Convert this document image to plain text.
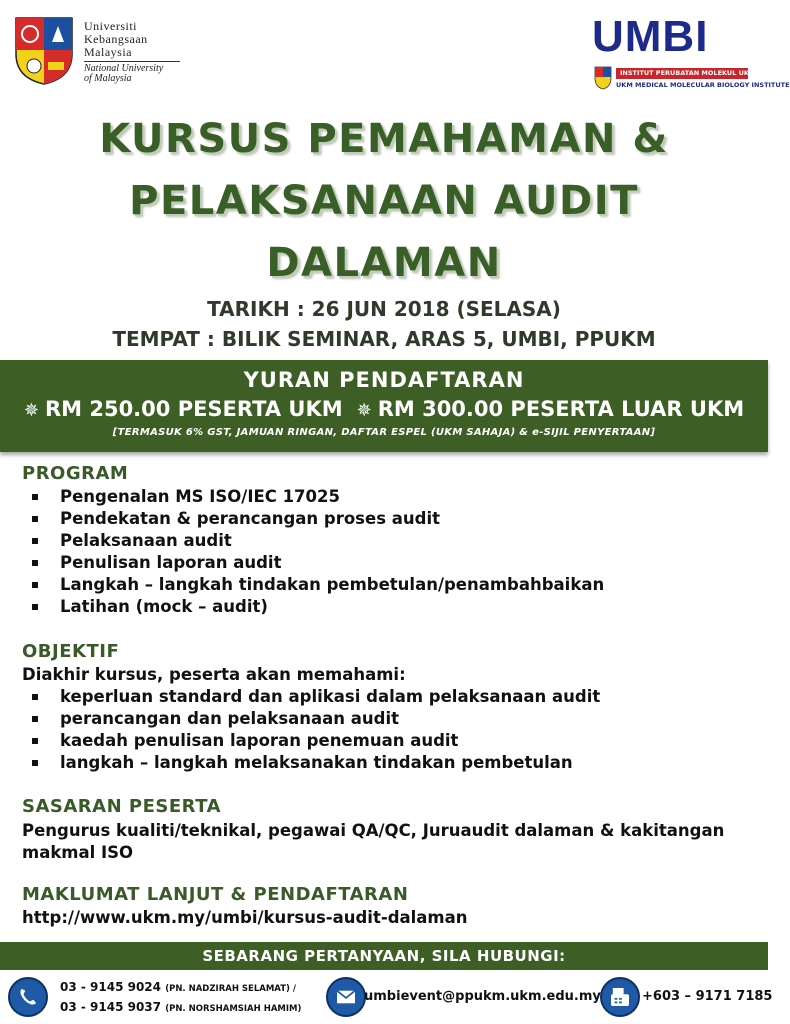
Universiti
Kebangsaan
Malaysia
National University
of Malaysia
UMBI
INSTITUT PERUBATAN MOLEKUL UKM
UKM MEDICAL MOLECULAR BIOLOGY INSTITUTE
KURSUS PEMAHAMAN &
PELAKSANAAN AUDIT
DALAMAN
TARIKH : 26 JUN 2018 (SELASA)
TEMPAT : BILIK SEMINAR, ARAS 5, UMBI, PPUKM
YURAN PENDAFTARAN
✵ RM 250.00 PESERTA UKM ✵ RM 300.00 PESERTA LUAR UKM
[TERMASUK 6% GST, JAMUAN RINGAN, DAFTAR ESPEL (UKM SAHAJA) & e-SIJIL PENYERTAAN]
PROGRAM
Pengenalan MS ISO/IEC 17025
Pendekatan & perancangan proses audit
Pelaksanaan audit
Penulisan laporan audit
Langkah – langkah tindakan pembetulan/penambahbaikan
Latihan (mock – audit)
OBJEKTIF
Diakhir kursus, peserta akan memahami:
keperluan standard dan aplikasi dalam pelaksanaan audit
perancangan dan pelaksanaan audit
kaedah penulisan laporan penemuan audit
langkah – langkah melaksanakan tindakan pembetulan
SASARAN PESERTA
Pengurus kualiti/teknikal, pegawai QA/QC, Juruaudit dalaman & kakitangan makmal ISO
MAKLUMAT LANJUT & PENDAFTARAN
http://www.ukm.my/umbi/kursus-audit-dalaman
SEBARANG PERTANYAAN, SILA HUBUNGI:
03 - 9145 9024 (PN. NADZIRAH SELAMAT) /
03 - 9145 9037 (PN. NORSHAMSIAH HAMIM)
umbievent@ppukm.ukm.edu.my	+603 – 9171 7185
